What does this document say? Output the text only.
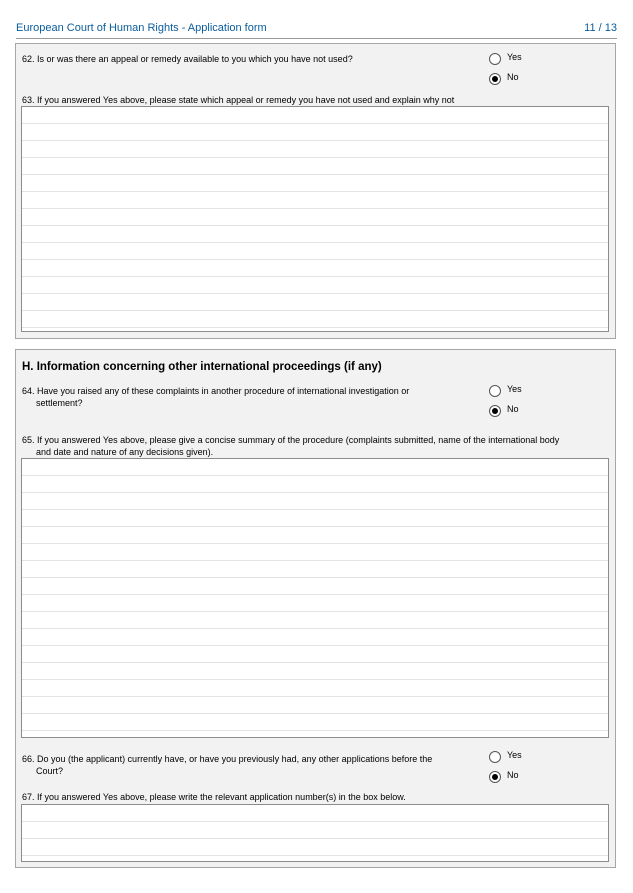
European Court of Human Rights - Application form	11 / 13
62. Is or was there an appeal or remedy available to you which you have not used?	Yes
No
63. If you answered Yes above, please state which appeal or remedy you have not used and explain why not
H. Information concerning other international proceedings (if any)
64. Have you raised any of these complaints in another procedure of international investigation or
settlement?
Yes
No
65. If you answered Yes above, please give a concise summary of the procedure (complaints submitted, name of the international body
and date and nature of any decisions given).
66. Do you (the applicant) currently have, or have you previously had, any other applications before the
Court?
Yes
No
67. If you answered Yes above, please write the relevant application number(s) in the box below.
